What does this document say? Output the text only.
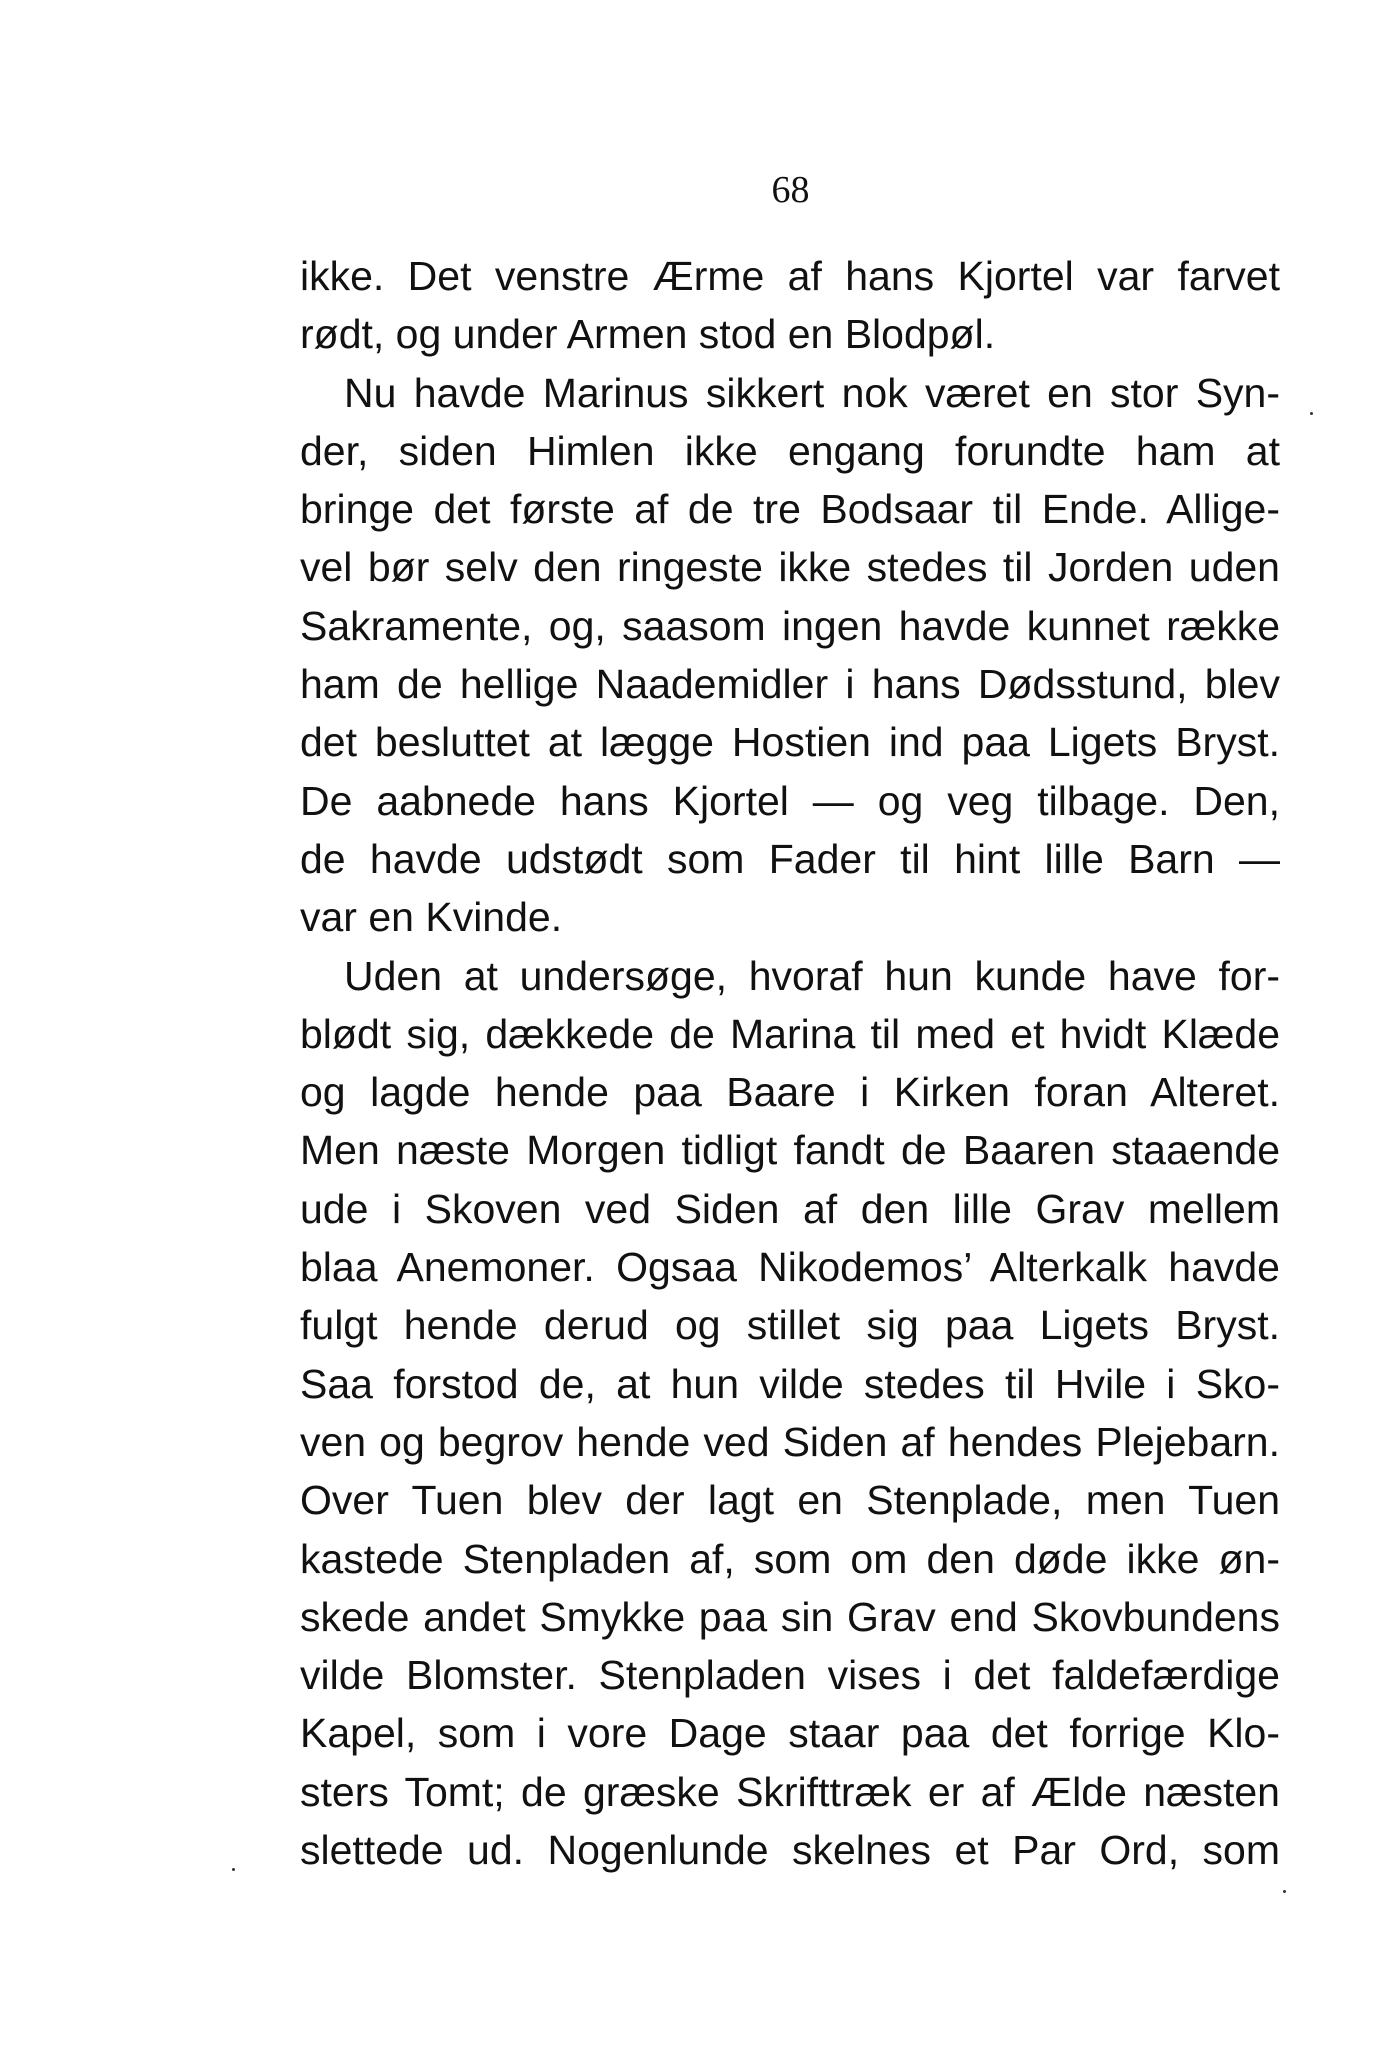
68
ikke. Det venstre Ærme af hans Kjortel var farvet
rødt, og under Armen stod en Blodpøl.
Nu havde Marinus sikkert nok været en stor Syn-
der, siden Himlen ikke engang forundte ham at
bringe det første af de tre Bodsaar til Ende. Allige-
vel bør selv den ringeste ikke stedes til Jorden uden
Sakramente, og, saasom ingen havde kunnet række
ham de hellige Naademidler i hans Dødsstund, blev
det besluttet at lægge Hostien ind paa Ligets Bryst.
De aabnede hans Kjortel — og veg tilbage. Den,
de havde udstødt som Fader til hint lille Barn —
var en Kvinde.
Uden at undersøge, hvoraf hun kunde have for-
blødt sig, dækkede de Marina til med et hvidt Klæde
og lagde hende paa Baare i Kirken foran Alteret.
Men næste Morgen tidligt fandt de Baaren staaende
ude i Skoven ved Siden af den lille Grav mellem
blaa Anemoner. Ogsaa Nikodemos’ Alterkalk havde
fulgt hende derud og stillet sig paa Ligets Bryst.
Saa forstod de, at hun vilde stedes til Hvile i Sko-
ven og begrov hende ved Siden af hendes Plejebarn.
Over Tuen blev der lagt en Stenplade, men Tuen
kastede Stenpladen af, som om den døde ikke øn-
skede andet Smykke paa sin Grav end Skovbundens
vilde Blomster. Stenpladen vises i det faldefærdige
Kapel, som i vore Dage staar paa det forrige Klo-
sters Tomt; de græske Skrifttræk er af Ælde næsten
slettede ud. Nogenlunde skelnes et Par Ord, som
